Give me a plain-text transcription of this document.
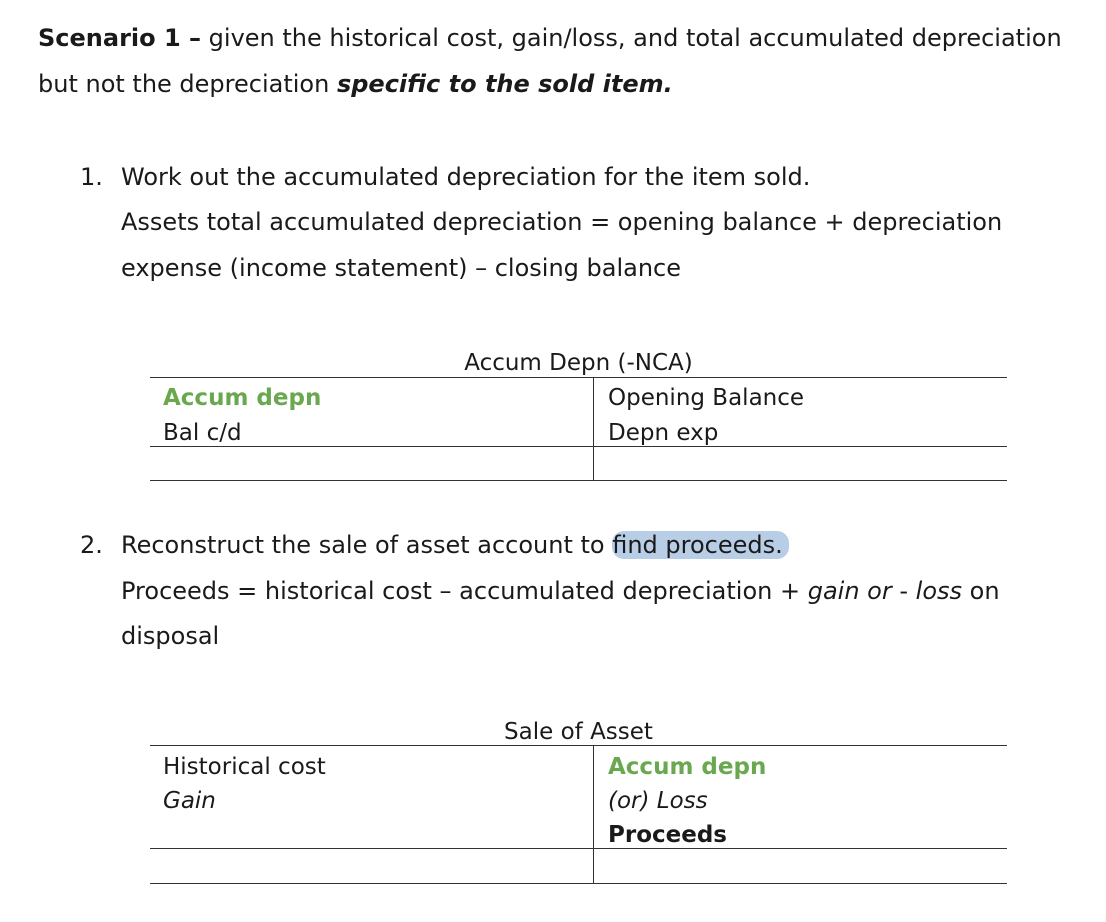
Scenario 1 – given the historical cost, gain/loss, and total accumulated depreciation
but not the depreciation specific to the sold item.
1. Work out the accumulated depreciation for the item sold.
Assets total accumulated depreciation = opening balance + depreciation
expense (income statement) – closing balance
Accum Depn (-NCA)
Accum depn
Bal c/d
Opening Balance
Depn exp
2. Reconstruct the sale of asset account to find proceeds.
Proceeds = historical cost – accumulated depreciation + gain or - loss on
disposal
Sale of Asset
Historical cost
Gain
Accum depn
(or) Loss
Proceeds
